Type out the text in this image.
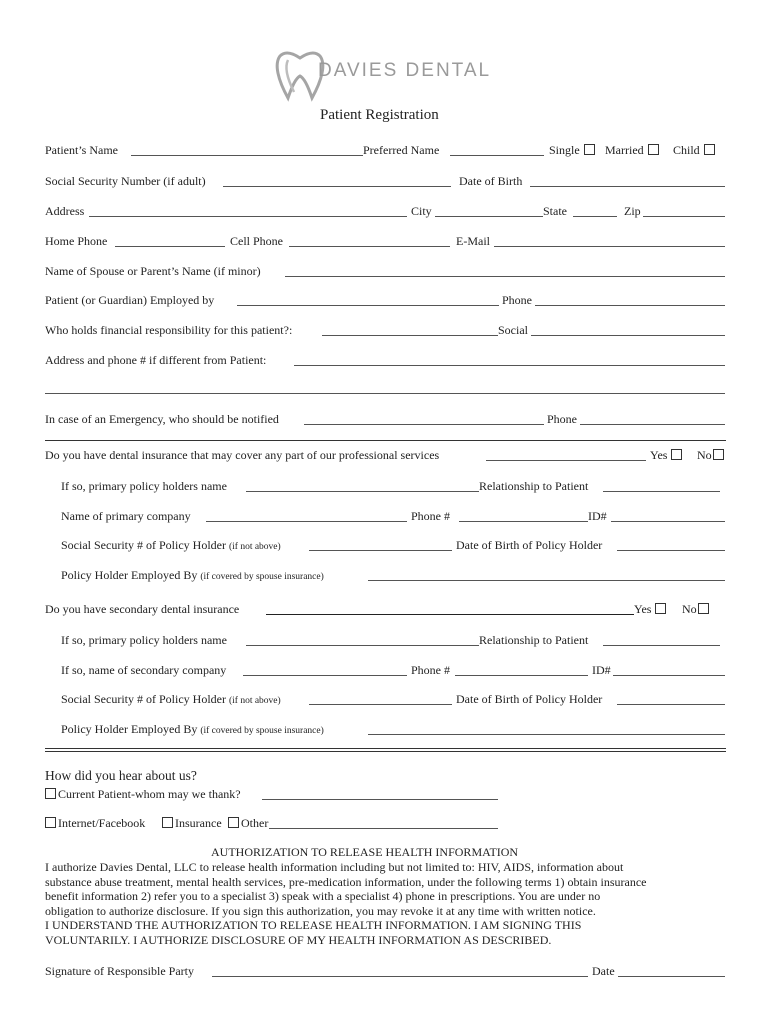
DAVIES DENTAL
Patient Registration
Patient’s Name	Preferred Name	Single	Married	Child
Social Security Number (if adult)	Date of Birth
Address	City	State	Zip
Home Phone	Cell Phone	E-Mail
Name of Spouse or Parent’s Name (if minor)
Patient (or Guardian) Employed by	Phone
Who holds financial responsibility for this patient?:	Social
Address and phone # if different from Patient:
In case of an Emergency, who should be notified	Phone
Do you have dental insurance that may cover any part of our professional services	Yes	No
If so, primary policy holders name	Relationship to Patient
Name of primary company	Phone #	ID#
Social Security # of Policy Holder (if not above)	Date of Birth of Policy Holder
Policy Holder Employed By (if covered by spouse insurance)
Do you have secondary dental insurance	Yes	No
If so, primary policy holders name	Relationship to Patient
If so, name of secondary company	Phone #	ID#
Social Security # of Policy Holder (if not above)	Date of Birth of Policy Holder
Policy Holder Employed By (if covered by spouse insurance)
How did you hear about us?
Current Patient-whom may we thank?
Internet/Facebook	Insurance	Other
AUTHORIZATION TO RELEASE HEALTH INFORMATION
I authorize Davies Dental, LLC to release health information including but not limited to: HIV, AIDS, information about
substance abuse treatment, mental health services, pre-medication information, under the following terms 1) obtain insurance
benefit information 2) refer you to a specialist 3) speak with a specialist 4) phone in prescriptions. You are under no
obligation to authorize disclosure. If you sign this authorization, you may revoke it at any time with written notice.
I UNDERSTAND THE AUTHORIZATION TO RELEASE HEALTH INFORMATION. I AM SIGNING THIS
VOLUNTARILY. I AUTHORIZE DISCLOSURE OF MY HEALTH INFORMATION AS DESCRIBED.
Signature of Responsible Party	Date
